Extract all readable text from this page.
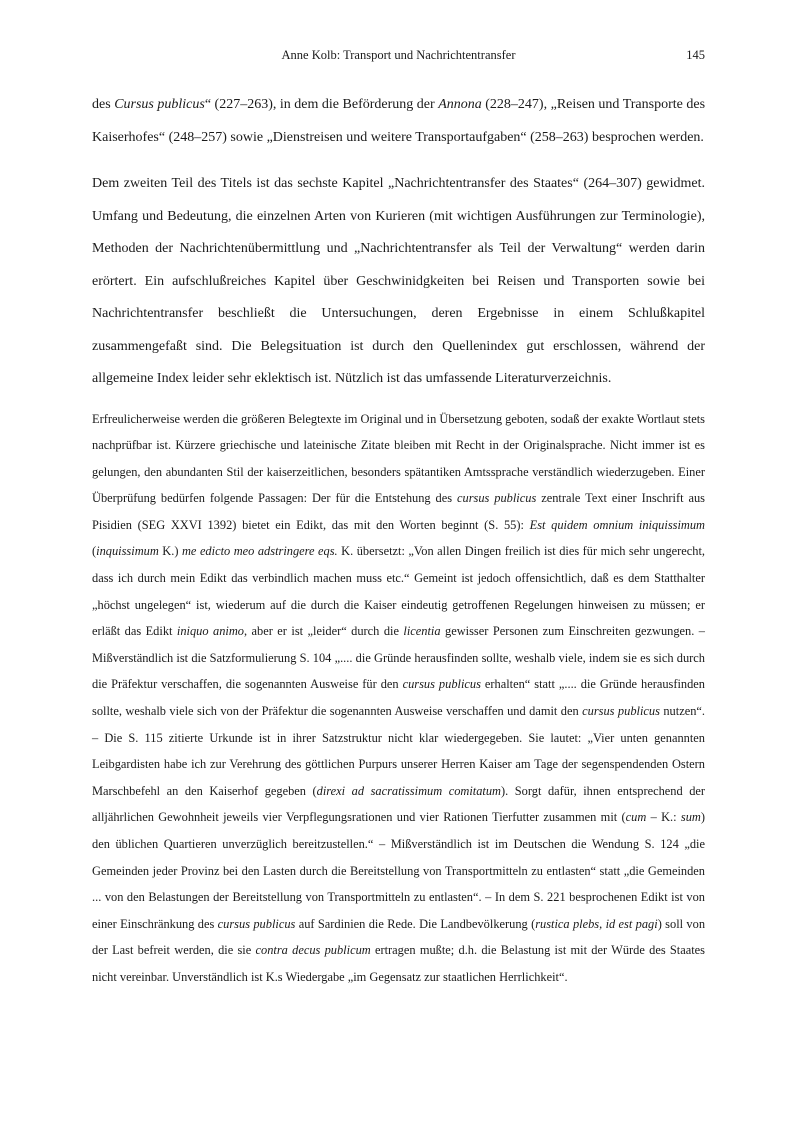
Anne Kolb: Transport und Nachrichtentransfer	145

des Cursus publicus“ (227–263), in dem die Beförderung der Annona (228–247), „Reisen und Transporte des Kaiserhofes“ (248–257) sowie „Dienstreisen und weitere Transportaufgaben“ (258–263) besprochen werden.

Dem zweiten Teil des Titels ist das sechste Kapitel „Nachrichtentransfer des Staates“ (264–307) gewidmet. Umfang und Bedeutung, die einzelnen Arten von Kurieren (mit wichtigen Ausführungen zur Terminologie), Methoden der Nachrichtenübermittlung und „Nachrichtentransfer als Teil der Verwaltung“ werden darin erörtert. Ein aufschlußreiches Kapitel über Geschwinidgkeiten bei Reisen und Transporten sowie bei Nachrichtentransfer beschließt die Untersuchungen, deren Ergebnisse in einem Schlußkapitel zusammengefaßt sind. Die Belegsituation ist durch den Quellenindex gut erschlossen, während der allgemeine Index leider sehr eklektisch ist. Nützlich ist das umfassende Literaturverzeichnis.

Erfreulicherweise werden die größeren Belegtexte im Original und in Übersetzung geboten, sodaß der exakte Wortlaut stets nachprüfbar ist. Kürzere griechische und lateinische Zitate bleiben mit Recht in der Originalsprache. Nicht immer ist es gelungen, den abundanten Stil der kaiserzeitlichen, besonders spätantiken Amtssprache verständlich wiederzugeben. Einer Überprüfung bedürfen folgende Passagen: Der für die Entstehung des cursus publicus zentrale Text einer Inschrift aus Pisidien (SEG XXVI 1392) bietet ein Edikt, das mit den Worten beginnt (S. 55): Est quidem omnium iniquissimum (inquissimum K.) me edicto meo adstringere eqs. K. übersetzt: „Von allen Dingen freilich ist dies für mich sehr ungerecht, dass ich durch mein Edikt das verbindlich machen muss etc.“ Gemeint ist jedoch offensichtlich, daß es dem Statthalter „höchst ungelegen“ ist, wiederum auf die durch die Kaiser eindeutig getroffenen Regelungen hinweisen zu müssen; er erläßt das Edikt iniquo animo, aber er ist „leider“ durch die licentia gewisser Personen zum Einschreiten gezwungen. – Mißverständlich ist die Satzformulierung S. 104 „.... die Gründe herausfinden sollte, weshalb viele, indem sie es sich durch die Präfektur verschaffen, die sogenannten Ausweise für den cursus publicus erhalten“ statt „.... die Gründe herausfinden sollte, weshalb viele sich von der Präfektur die sogenannten Ausweise verschaffen und damit den cursus publicus nutzen“. – Die S. 115 zitierte Urkunde ist in ihrer Satzstruktur nicht klar wiedergegeben. Sie lautet: „Vier unten genannten Leibgardisten habe ich zur Verehrung des göttlichen Purpurs unserer Herren Kaiser am Tage der segenspendenden Ostern Marschbefehl an den Kaiserhof gegeben (direxi ad sacratissimum comitatum). Sorgt dafür, ihnen entsprechend der alljährlichen Gewohnheit jeweils vier Verpflegungsrationen und vier Rationen Tierfutter zusammen mit (cum – K.: sum) den üblichen Quartieren unverzüglich bereitzustellen.“ – Mißverständlich ist im Deutschen die Wendung S. 124 „die Gemeinden jeder Provinz bei den Lasten durch die Bereitstellung von Transportmitteln zu entlasten“ statt „die Gemeinden ... von den Belastungen der Bereitstellung von Transportmitteln zu entlasten“. – In dem S. 221 besprochenen Edikt ist von einer Einschränkung des cursus publicus auf Sardinien die Rede. Die Landbevölkerung (rustica plebs, id est pagi) soll von der Last befreit werden, die sie contra decus publicum ertragen mußte; d.h. die Belastung ist mit der Würde des Staates nicht vereinbar. Unverständlich ist K.s Wiedergabe „im Gegensatz zur staatlichen Herrlichkeit“.
